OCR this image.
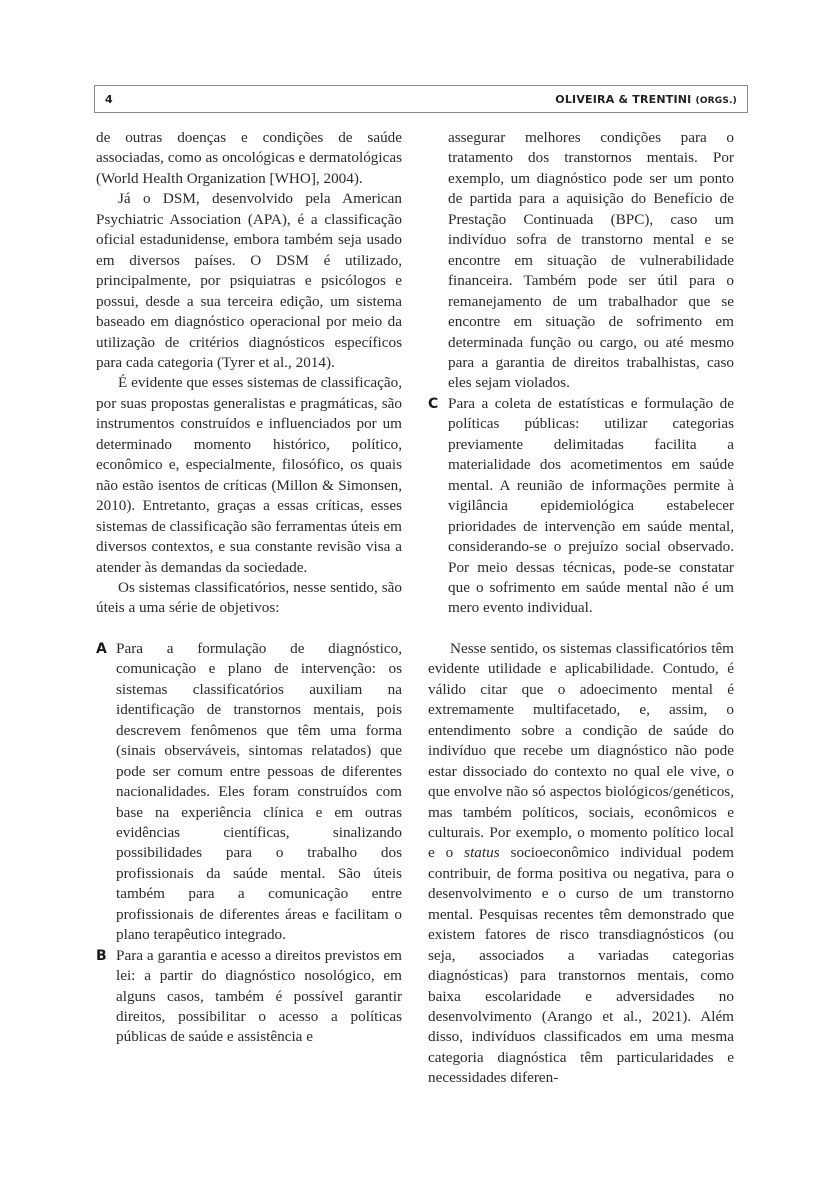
4	OLIVEIRA & TRENTINI (ORGS.)

de outras doenças e condições de saúde associadas, como as oncológicas e dermatológicas (World Health Organization [WHO], 2004).

Já o DSM, desenvolvido pela American Psychiatric Association (APA), é a classificação oficial estadunidense, embora também seja usado em diversos países. O DSM é utilizado, principalmente, por psiquiatras e psicólogos e possui, desde a sua terceira edição, um sistema baseado em diagnóstico operacional por meio da utilização de critérios diagnósticos específicos para cada categoria (Tyrer et al., 2014).

É evidente que esses sistemas de classificação, por suas propostas generalistas e pragmáticas, são instrumentos construídos e influenciados por um determinado momento histórico, político, econômico e, especialmente, filosófico, os quais não estão isentos de críticas (Millon & Simonsen, 2010). Entretanto, graças a essas críticas, esses sistemas de classificação são ferramentas úteis em diversos contextos, e sua constante revisão visa a atender às demandas da sociedade.

Os sistemas classificatórios, nesse sentido, são úteis a uma série de objetivos:

A Para a formulação de diagnóstico, comunicação e plano de intervenção: os sistemas classificatórios auxiliam na identificação de transtornos mentais, pois descrevem fenômenos que têm uma forma (sinais observáveis, sintomas relatados) que pode ser comum entre pessoas de diferentes nacionalidades. Eles foram construídos com base na experiência clínica e em outras evidências científicas, sinalizando possibilidades para o trabalho dos profissionais da saúde mental. São úteis também para a comunicação entre profissionais de diferentes áreas e facilitam o plano terapêutico integrado.

B Para a garantia e acesso a direitos previstos em lei: a partir do diagnóstico nosológico, em alguns casos, também é possível garantir direitos, possibilitar o acesso a políticas públicas de saúde e assistência e

assegurar melhores condições para o tratamento dos transtornos mentais. Por exemplo, um diagnóstico pode ser um ponto de partida para a aquisição do Benefício de Prestação Continuada (BPC), caso um indivíduo sofra de transtorno mental e se encontre em situação de vulnerabilidade financeira. Também pode ser útil para o remanejamento de um trabalhador que se encontre em situação de sofrimento em determinada função ou cargo, ou até mesmo para a garantia de direitos trabalhistas, caso eles sejam violados.

C Para a coleta de estatísticas e formulação de políticas públicas: utilizar categorias previamente delimitadas facilita a materialidade dos acometimentos em saúde mental. A reunião de informações permite à vigilância epidemiológica estabelecer prioridades de intervenção em saúde mental, considerando-se o prejuízo social observado. Por meio dessas técnicas, pode-se constatar que o sofrimento em saúde mental não é um mero evento individual.

Nesse sentido, os sistemas classificatórios têm evidente utilidade e aplicabilidade. Contudo, é válido citar que o adoecimento mental é extremamente multifacetado, e, assim, o entendimento sobre a condição de saúde do indivíduo que recebe um diagnóstico não pode estar dissociado do contexto no qual ele vive, o que envolve não só aspectos biológicos/genéticos, mas também políticos, sociais, econômicos e culturais. Por exemplo, o momento político local e o status socioeconômico individual podem contribuir, de forma positiva ou negativa, para o desenvolvimento e o curso de um transtorno mental. Pesquisas recentes têm demonstrado que existem fatores de risco transdiagnósticos (ou seja, associados a variadas categorias diagnósticas) para transtornos mentais, como baixa escolaridade e adversidades no desenvolvimento (Arango et al., 2021). Além disso, indivíduos classificados em uma mesma categoria diagnóstica têm particularidades e necessidades diferen-
